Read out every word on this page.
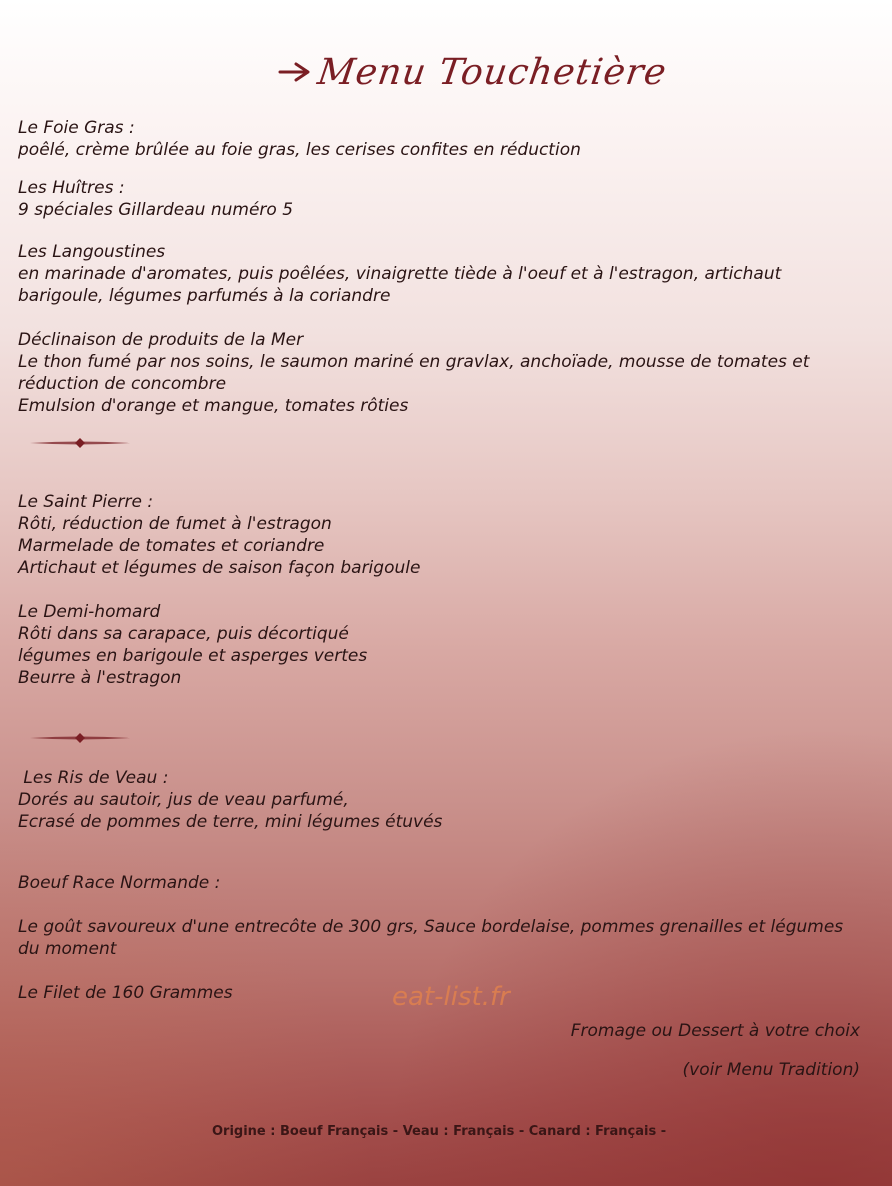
Menu Touchetière
Le Foie Gras :
poêlé, crème brûlée au foie gras, les cerises confites en réduction
Les Huîtres :
9 spéciales Gillardeau numéro 5
Les Langoustines
en marinade d'aromates, puis poêlées, vinaigrette tiède à l'oeuf et à l'estragon, artichaut
barigoule, légumes parfumés à la coriandre
Déclinaison de produits de la Mer
Le thon fumé par nos soins, le saumon mariné en gravlax, anchoïade, mousse de tomates et
réduction de concombre
Emulsion d'orange et mangue, tomates rôties
Le Saint Pierre :
Rôti, réduction de fumet à l'estragon
Marmelade de tomates et coriandre
Artichaut et légumes de saison façon barigoule
Le Demi-homard
Rôti dans sa carapace, puis décortiqué
légumes en barigoule et asperges vertes
Beurre à l'estragon
Les Ris de Veau :
Dorés au sautoir, jus de veau parfumé,
Ecrasé de pommes de terre, mini légumes étuvés
Boeuf Race Normande :
Le goût savoureux d'une entrecôte de 300 grs, Sauce bordelaise, pommes grenailles et légumes
du moment
Le Filet de 160 Grammes	eat-list.fr
Fromage ou Dessert à votre choix
(voir Menu Tradition)
Origine : Boeuf Français - Veau : Français - Canard : Français -
